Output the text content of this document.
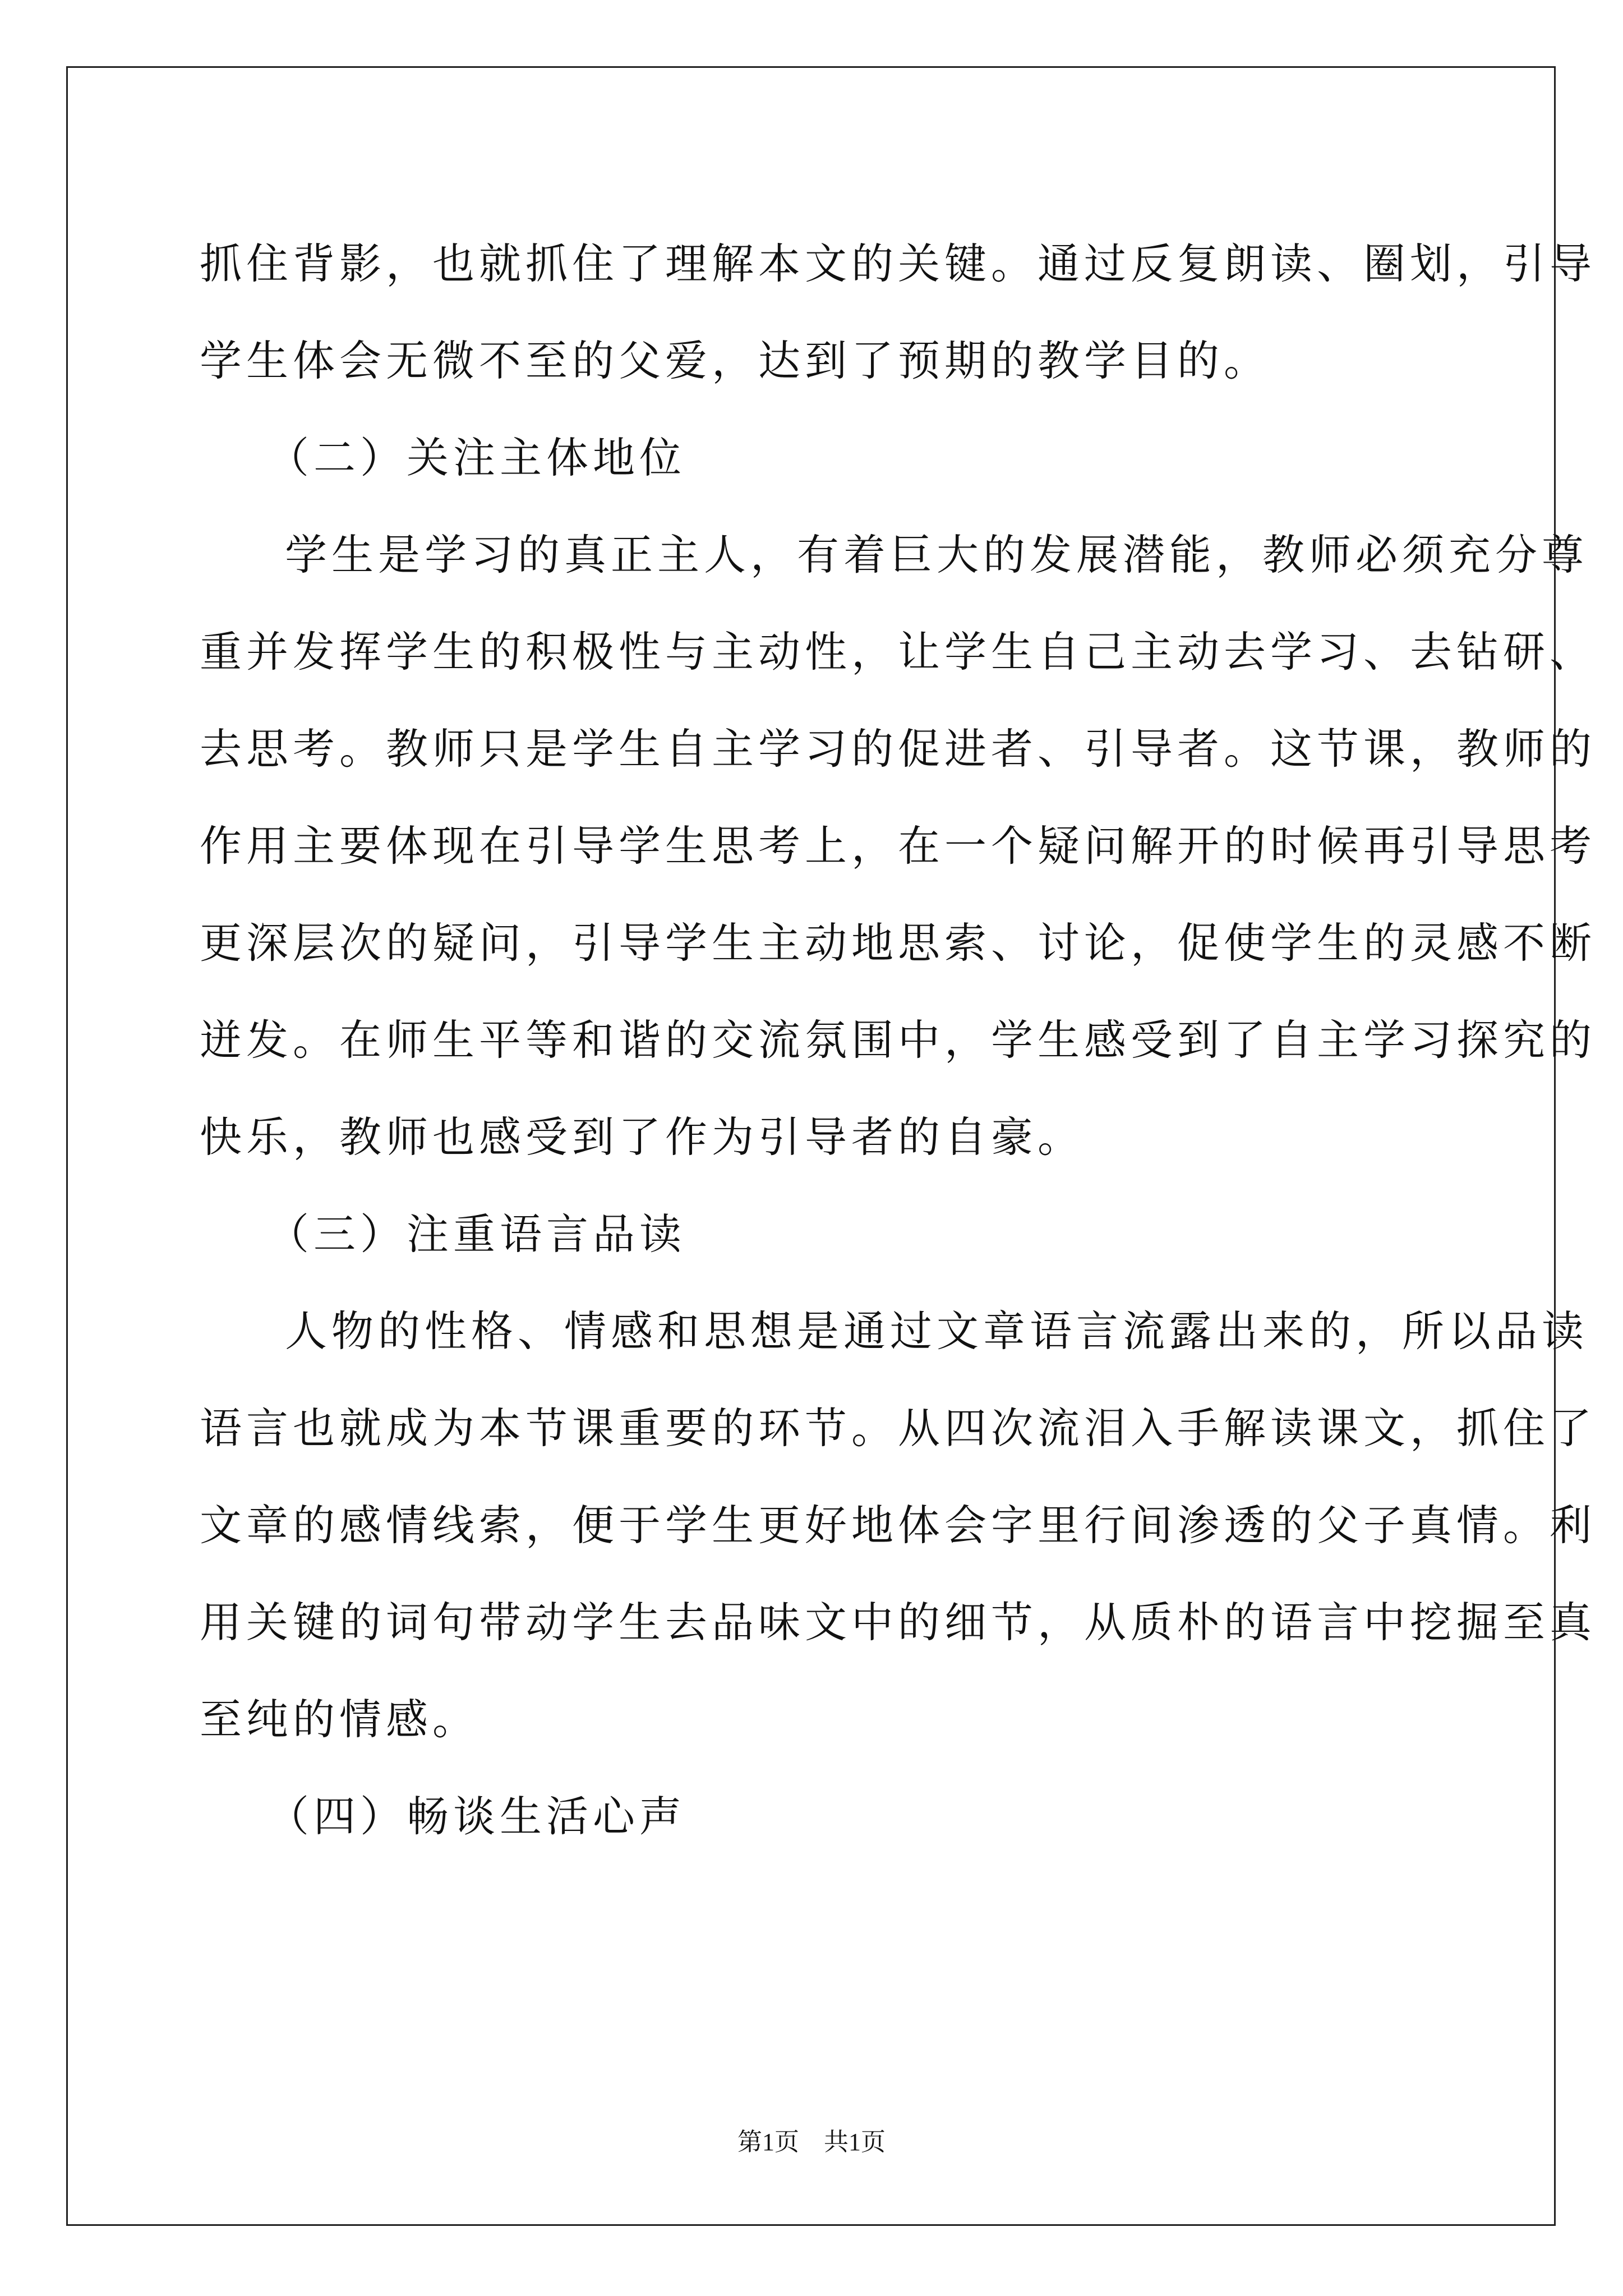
抓住背影，也就抓住了理解本文的关键。通过反复朗读、圈划，引导
学生体会无微不至的父爱，达到了预期的教学目的。
（二）关注主体地位
学生是学习的真正主人，有着巨大的发展潜能，教师必须充分尊
重并发挥学生的积极性与主动性，让学生自己主动去学习、去钻研、
去思考。教师只是学生自主学习的促进者、引导者。这节课，教师的
作用主要体现在引导学生思考上，在一个疑问解开的时候再引导思考
更深层次的疑问，引导学生主动地思索、讨论，促使学生的灵感不断
迸发。在师生平等和谐的交流氛围中，学生感受到了自主学习探究的
快乐，教师也感受到了作为引导者的自豪。
（三）注重语言品读
人物的性格、情感和思想是通过文章语言流露出来的，所以品读
语言也就成为本节课重要的环节。从四次流泪入手解读课文，抓住了
文章的感情线索，便于学生更好地体会字里行间渗透的父子真情。利
用关键的词句带动学生去品味文中的细节，从质朴的语言中挖掘至真
至纯的情感。
（四）畅谈生活心声
第1页　共1页
